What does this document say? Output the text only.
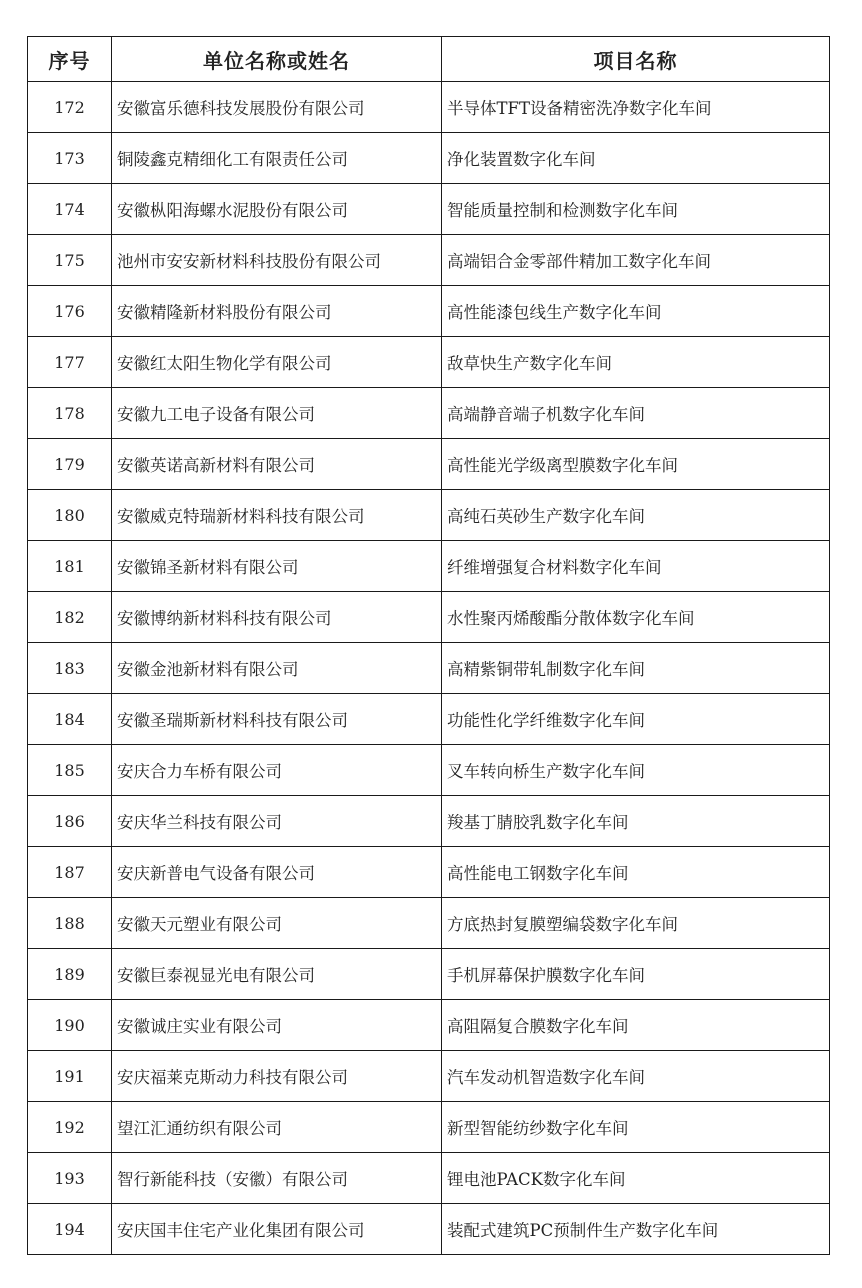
序号	单位名称或姓名	项目名称
172	安徽富乐德科技发展股份有限公司	半导体TFT设备精密洗净数字化车间
173	铜陵鑫克精细化工有限责任公司	净化装置数字化车间
174	安徽枞阳海螺水泥股份有限公司	智能质量控制和检测数字化车间
175	池州市安安新材料科技股份有限公司	高端铝合金零部件精加工数字化车间
176	安徽精隆新材料股份有限公司	高性能漆包线生产数字化车间
177	安徽红太阳生物化学有限公司	敌草快生产数字化车间
178	安徽九工电子设备有限公司	高端静音端子机数字化车间
179	安徽英诺高新材料有限公司	高性能光学级离型膜数字化车间
180	安徽威克特瑞新材料科技有限公司	高纯石英砂生产数字化车间
181	安徽锦圣新材料有限公司	纤维增强复合材料数字化车间
182	安徽博纳新材料科技有限公司	水性聚丙烯酸酯分散体数字化车间
183	安徽金池新材料有限公司	高精紫铜带轧制数字化车间
184	安徽圣瑞斯新材料科技有限公司	功能性化学纤维数字化车间
185	安庆合力车桥有限公司	叉车转向桥生产数字化车间
186	安庆华兰科技有限公司	羧基丁腈胶乳数字化车间
187	安庆新普电气设备有限公司	高性能电工钢数字化车间
188	安徽天元塑业有限公司	方底热封复膜塑编袋数字化车间
189	安徽巨泰视显光电有限公司	手机屏幕保护膜数字化车间
190	安徽诚庄实业有限公司	高阻隔复合膜数字化车间
191	安庆福莱克斯动力科技有限公司	汽车发动机智造数字化车间
192	望江汇通纺织有限公司	新型智能纺纱数字化车间
193	智行新能科技（安徽）有限公司	锂电池PACK数字化车间
194	安庆国丰住宅产业化集团有限公司	装配式建筑PC预制件生产数字化车间
